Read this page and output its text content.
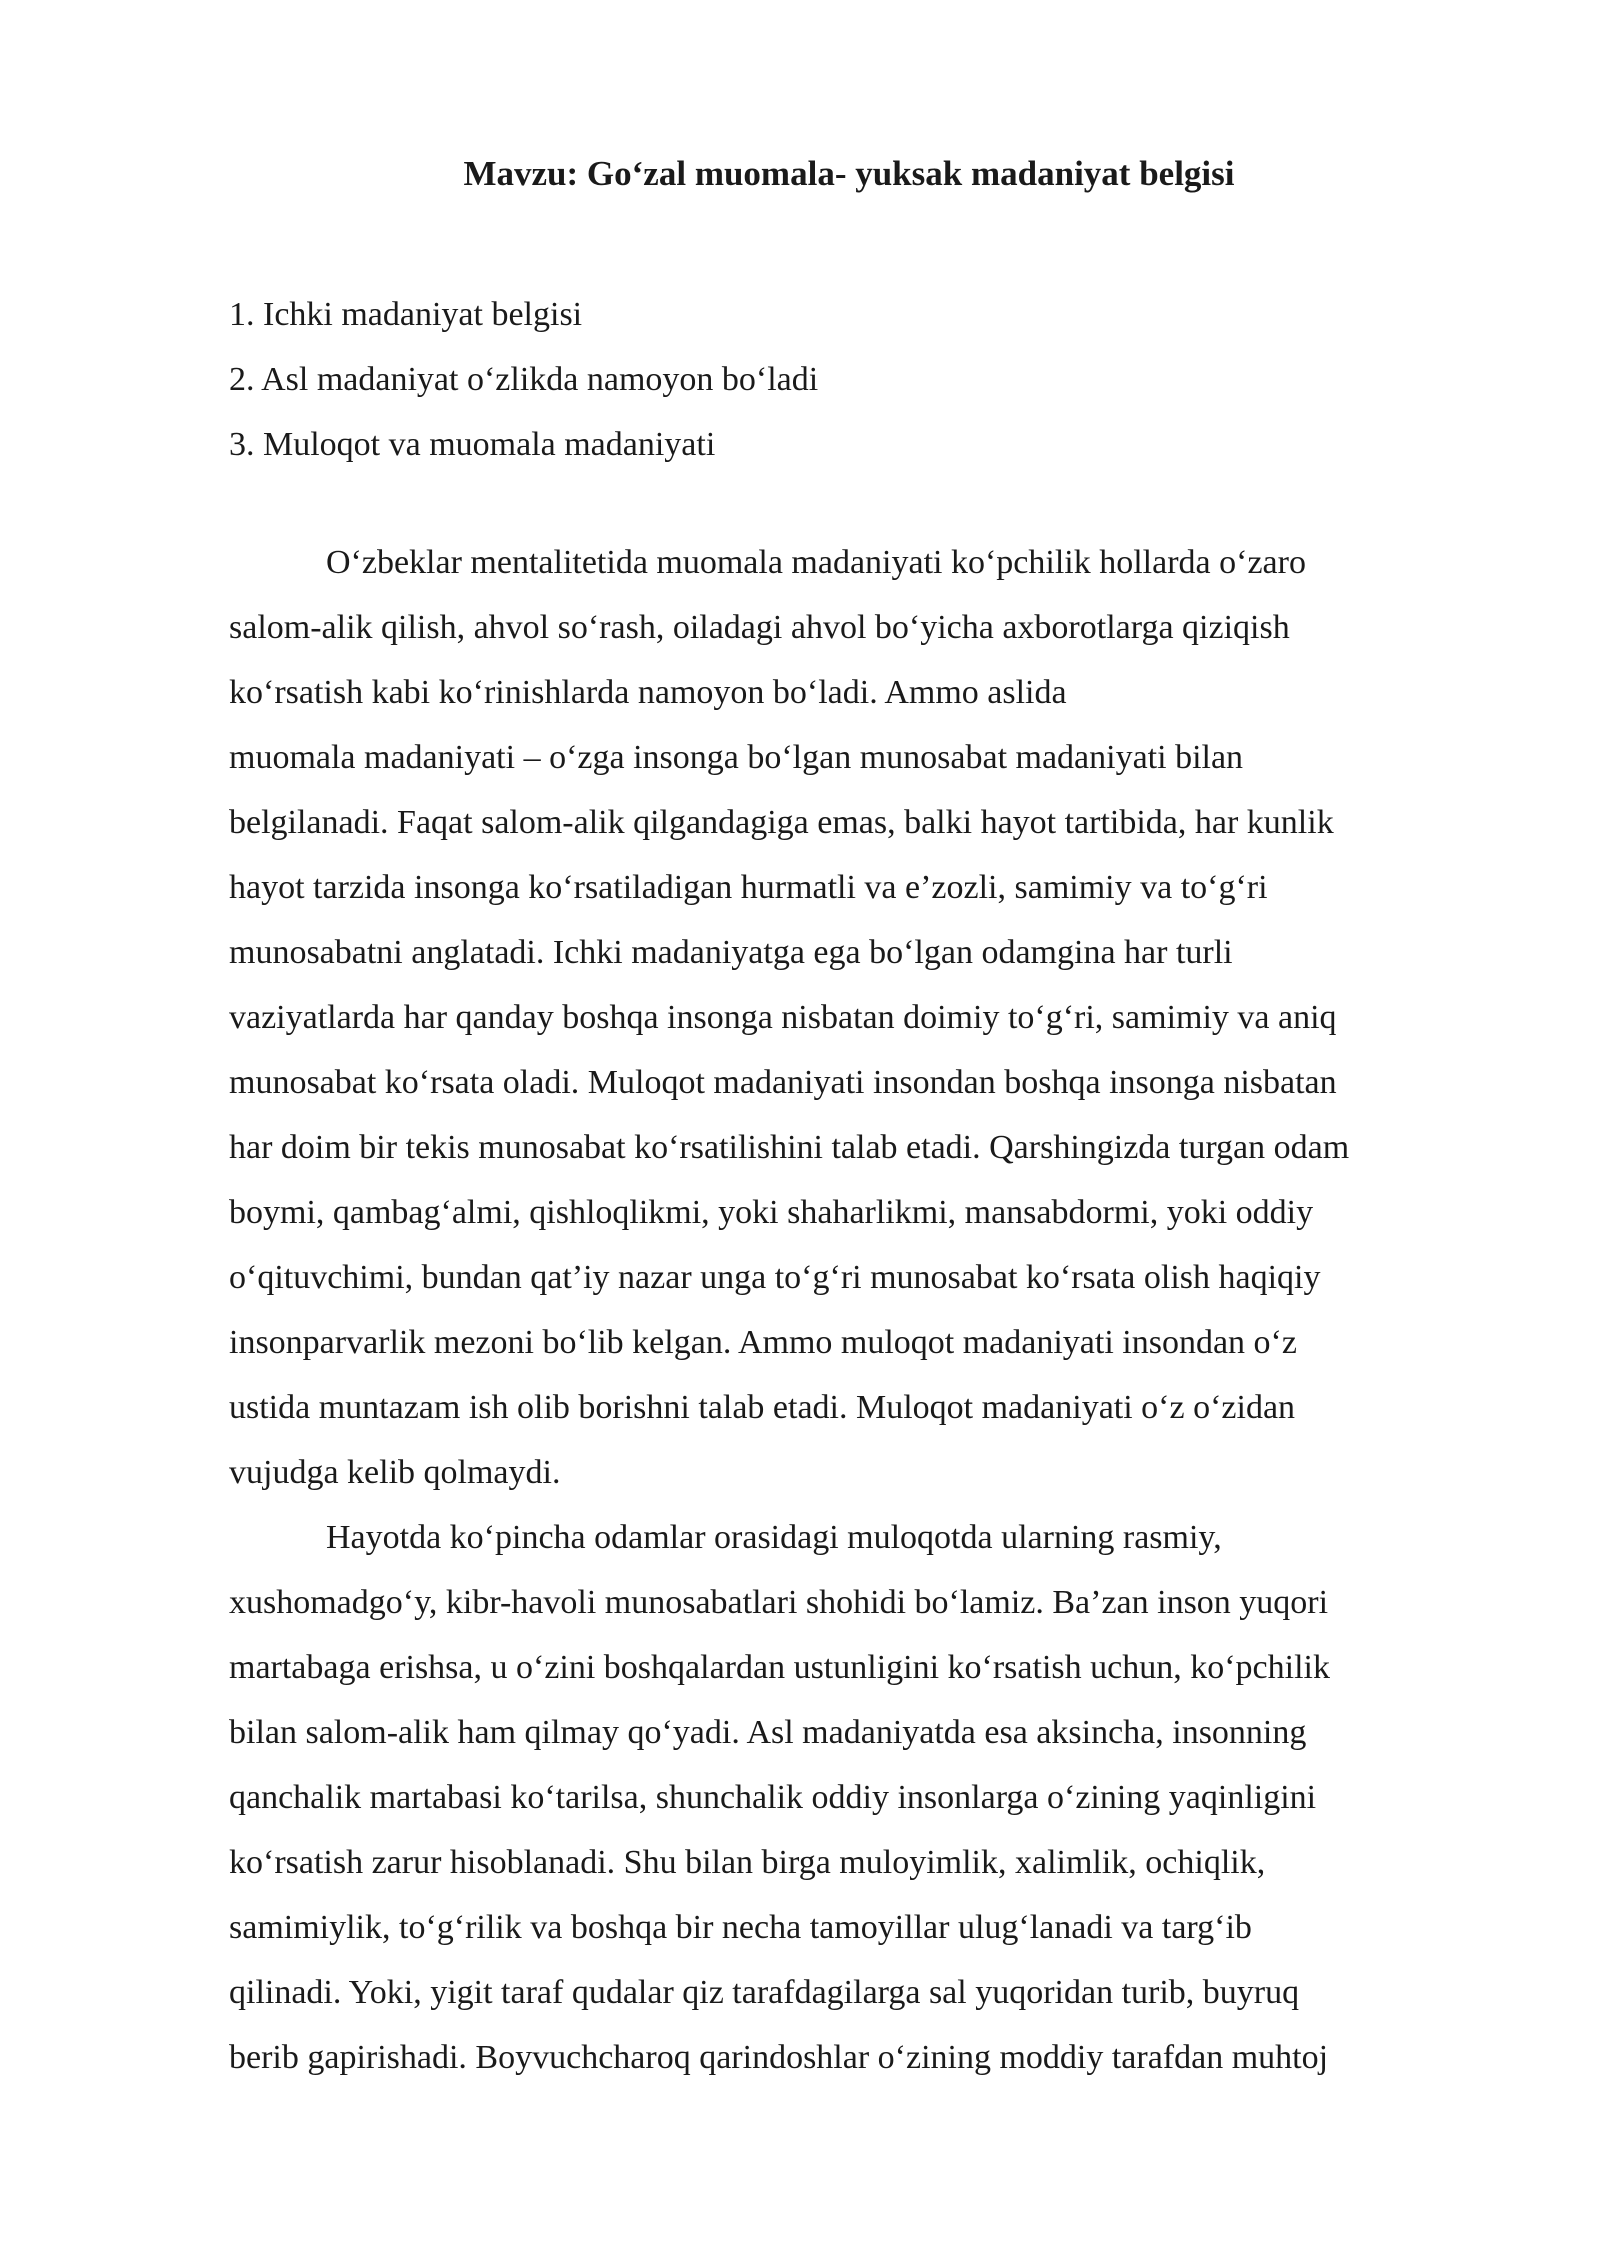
Mavzu: Go‘zal muomala- yuksak madaniyat belgisi
1. Ichki madaniyat belgisi
2. Asl madaniyat o‘zlikda namoyon bo‘ladi
3. Muloqot va muomala madaniyati
O‘zbeklar mentalitetida muomala madaniyati ko‘pchilik hollarda o‘zaro
salom-alik qilish, ahvol so‘rash, oiladagi ahvol bo‘yicha axborotlarga qiziqish
ko‘rsatish kabi ko‘rinishlarda namoyon bo‘ladi. Ammo aslida
muomala madaniyati – o‘zga insonga bo‘lgan munosabat madaniyati bilan
belgilanadi. Faqat salom-alik qilgandagiga emas, balki hayot tartibida, har kunlik
hayot tarzida insonga ko‘rsatiladigan hurmatli va e’zozli, samimiy va to‘g‘ri
munosabatni anglatadi. Ichki madaniyatga ega bo‘lgan odamgina har turli
vaziyatlarda har qanday boshqa insonga nisbatan doimiy to‘g‘ri, samimiy va aniq
munosabat ko‘rsata oladi. Muloqot madaniyati insondan boshqa insonga nisbatan
har doim bir tekis munosabat ko‘rsatilishini talab etadi. Qarshingizda turgan odam
boymi, qambag‘almi, qishloqlikmi, yoki shaharlikmi, mansabdormi, yoki oddiy
o‘qituvchimi, bundan qat’iy nazar unga to‘g‘ri munosabat ko‘rsata olish haqiqiy
insonparvarlik mezoni bo‘lib kelgan. Ammo muloqot madaniyati insondan o‘z
ustida muntazam ish olib borishni talab etadi. Muloqot madaniyati o‘z o‘zidan
vujudga kelib qolmaydi.
Hayotda ko‘pincha odamlar orasidagi muloqotda ularning rasmiy,
xushomadgo‘y, kibr-havoli munosabatlari shohidi bo‘lamiz. Ba’zan inson yuqori
martabaga erishsa, u o‘zini boshqalardan ustunligini ko‘rsatish uchun, ko‘pchilik
bilan salom-alik ham qilmay qo‘yadi. Asl madaniyatda esa aksincha, insonning
qanchalik martabasi ko‘tarilsa, shunchalik oddiy insonlarga o‘zining yaqinligini
ko‘rsatish zarur hisoblanadi. Shu bilan birga muloyimlik, xalimlik, ochiqlik,
samimiylik, to‘g‘rilik va boshqa bir necha tamoyillar ulug‘lanadi va targ‘ib
qilinadi. Yoki, yigit taraf qudalar qiz tarafdagilarga sal yuqoridan turib, buyruq
berib gapirishadi. Boyvuchcharoq qarindoshlar o‘zining moddiy tarafdan muhtoj
